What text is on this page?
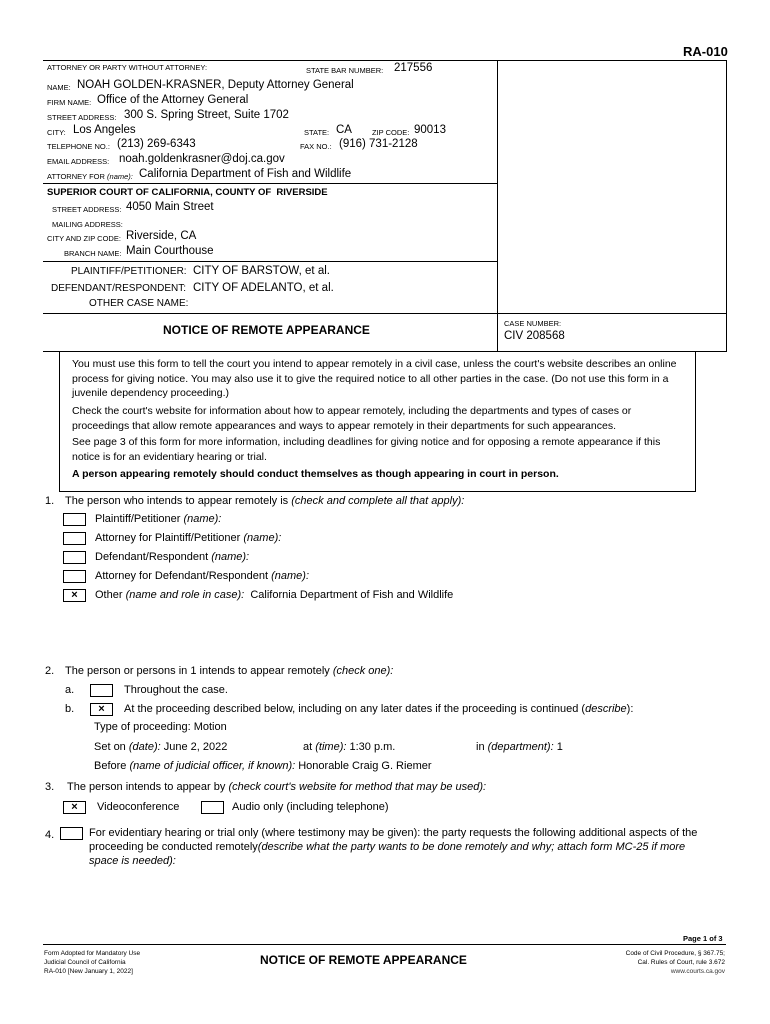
RA-010
ATTORNEY OR PARTY WITHOUT ATTORNEY:	STATE BAR NUMBER: 217556
NAME: NOAH GOLDEN-KRASNER, Deputy Attorney General
FIRM NAME: Office of the Attorney General
STREET ADDRESS: 300 S. Spring Street, Suite 1702
CITY: Los Angeles	STATE: CA	ZIP CODE: 90013
TELEPHONE NO.: (213) 269-6343	FAX NO.: (916) 731-2128
EMAIL ADDRESS: noah.goldenkrasner@doj.ca.gov
ATTORNEY FOR (name): California Department of Fish and Wildlife
SUPERIOR COURT OF CALIFORNIA, COUNTY OF RIVERSIDE
STREET ADDRESS: 4050 Main Street
MAILING ADDRESS:
CITY AND ZIP CODE: Riverside, CA
BRANCH NAME: Main Courthouse
PLAINTIFF/PETITIONER: CITY OF BARSTOW, et al.
DEFENDANT/RESPONDENT: CITY OF ADELANTO, et al.
OTHER CASE NAME:
NOTICE OF REMOTE APPEARANCE	CASE NUMBER:
CIV 208568

You must use this form to tell the court you intend to appear remotely in a civil case, unless the court's website describes an online process for giving notice. You may also use it to give the required notice to all other parties in the case. (Do not use this form in a juvenile dependency proceeding.)

Check the court's website for information about how to appear remotely, including the departments and types of cases or proceedings that allow remote appearances and ways to appear remotely in their departments for such appearances.

See page 3 of this form for more information, including deadlines for giving notice and for opposing a remote appearance if this notice is for an evidentiary hearing or trial.

A person appearing remotely should conduct themselves as though appearing in court in person.

1. The person who intends to appear remotely is (check and complete all that apply):
Plaintiff/Petitioner (name):
Attorney for Plaintiff/Petitioner (name):
Defendant/Respondent (name):
Attorney for Defendant/Respondent (name):
×	Other (name and role in case): California Department of Fish and Wildlife
2. The person or persons in 1 intends to appear remotely (check one):
a.	Throughout the case.
b.	×	At the proceeding described below, including on any later dates if the proceeding is continued (describe):
Type of proceeding: Motion
Set on (date): June 2, 2022	at (time): 1:30 p.m.	in (department): 1
Before (name of judicial officer, if known): Honorable Craig G. Riemer
3. The person intends to appear by (check court's website for method that may be used):
×	Videoconference	Audio only (including telephone)
4.	For evidentiary hearing or trial only (where testimony may be given): the party requests the following additional aspects of the
proceeding be conducted remotely(describe what the party wants to be done remotely and why; attach form MC-25 if more
space is needed):
Page 1 of 3
Form Adopted for Mandatory Use
Judicial Council of California
RA-010 [New January 1, 2022]
NOTICE OF REMOTE APPEARANCE	Code of Civil Procedure, § 367.75;
Cal. Rules of Court, rule 3.672
www.courts.ca.gov
